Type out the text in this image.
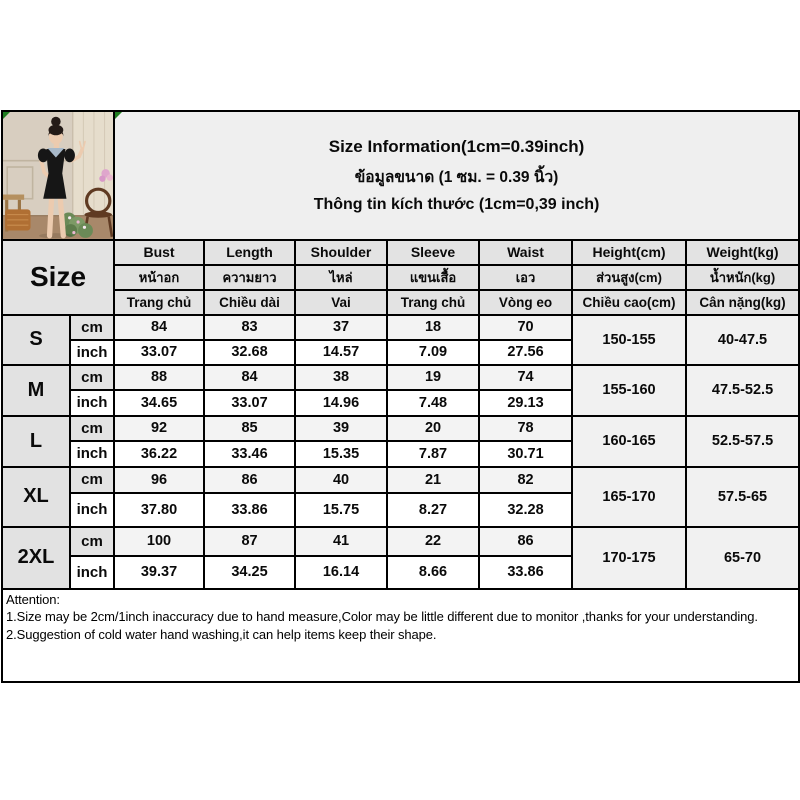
Size Information(1cm=0.39inch)
ข้อมูลขนาด (1 ซม. = 0.39 นิ้ว)
Thông tin kích thước (1cm=0,39 inch)						

Size		Bust	Length	Shoulder	Sleeve	Waist	Height(cm)	Weight(kg)
		หน้าอก	ความยาว	ไหล่	แขนเสื้อ	เอว	ส่วนสูง(cm)	น้ำหนัก(kg)
		Trang chủ	Chiều dài	Vai	Trang chủ	Vòng eo	Chiều cao(cm)	Cân nặng(kg)
S	cm	84	83	37	18	70	150-155	40-47.5
	inch	33.07	32.68	14.57	7.09	27.56		
M	cm	88	84	38	19	74	155-160	47.5-52.5
	inch	34.65	33.07	14.96	7.48	29.13		
L	cm	92	85	39	20	78	160-165	52.5-57.5
	inch	36.22	33.46	15.35	7.87	30.71		
XL	cm	96	86	40	21	82	165-170	57.5-65
	inch	37.80	33.86	15.75	8.27	32.28		
2XL	cm	100	87	41	22	86	170-175	65-70
	inch	39.37	34.25	16.14	8.66	33.86		
Attention:
1.Size may be 2cm/1inch inaccuracy due to hand measure,Color may be little different due to monitor ,thanks for your understanding.
2.Suggestion of cold water hand washing,it can help items keep their shape.
